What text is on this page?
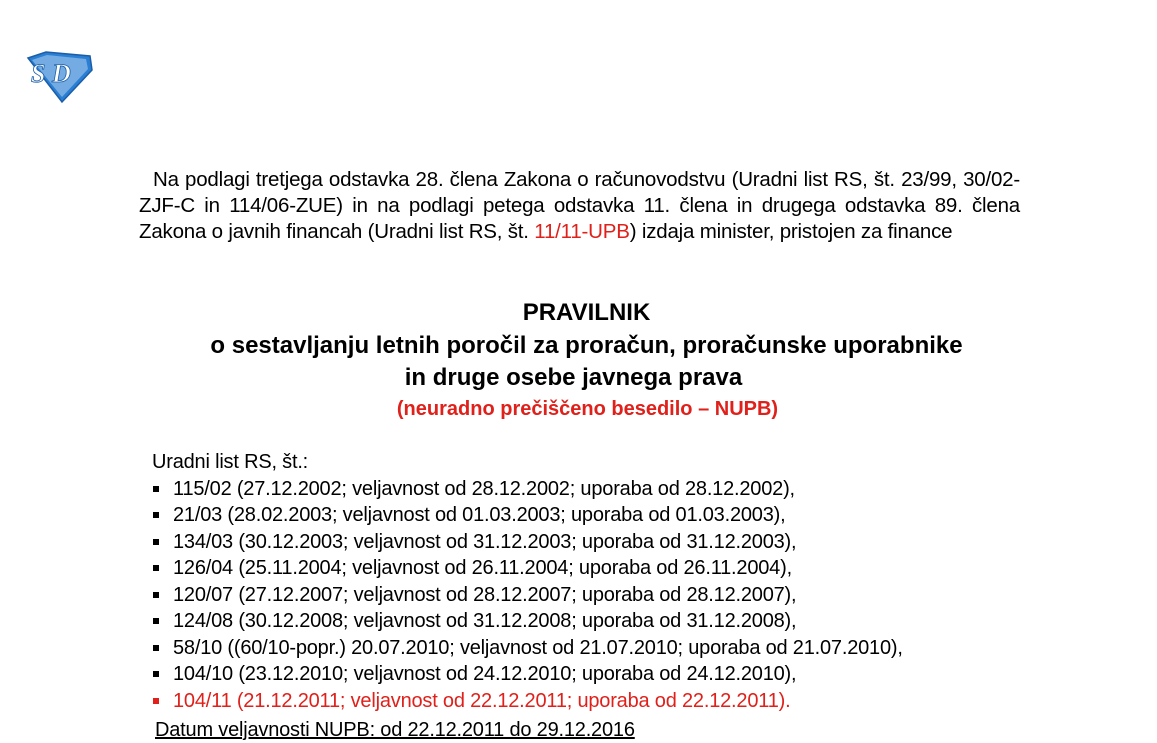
S D

Na podlagi tretjega odstavka 28. člena Zakona o računovodstvu (Uradni list RS, št. 23/99, 30/02-ZJF-C in 114/06-ZUE) in na podlagi petega odstavka 11. člena in drugega odstavka 89. člena Zakona o javnih financah (Uradni list RS, št. 11/11-UPB) izdaja minister, pristojen za finance

PRAVILNIK
o sestavljanju letnih poročil za proračun, proračunske uporabnike
in druge osebe javnega prava
(neuradno prečiščeno besedilo – NUPB)
Uradni list RS, št.:
115/02 (27.12.2002; veljavnost od 28.12.2002; uporaba od 28.12.2002),
21/03 (28.02.2003; veljavnost od 01.03.2003; uporaba od 01.03.2003),
134/03 (30.12.2003; veljavnost od 31.12.2003; uporaba od 31.12.2003),
126/04 (25.11.2004; veljavnost od 26.11.2004; uporaba od 26.11.2004),
120/07 (27.12.2007; veljavnost od 28.12.2007; uporaba od 28.12.2007),
124/08 (30.12.2008; veljavnost od 31.12.2008; uporaba od 31.12.2008),
58/10 ((60/10-popr.) 20.07.2010; veljavnost od 21.07.2010; uporaba od 21.07.2010),
104/10 (23.12.2010; veljavnost od 24.12.2010; uporaba od 24.12.2010),
104/11 (21.12.2011; veljavnost od 22.12.2011; uporaba od 22.12.2011).
Datum veljavnosti NUPB: od 22.12.2011 do 29.12.2016
